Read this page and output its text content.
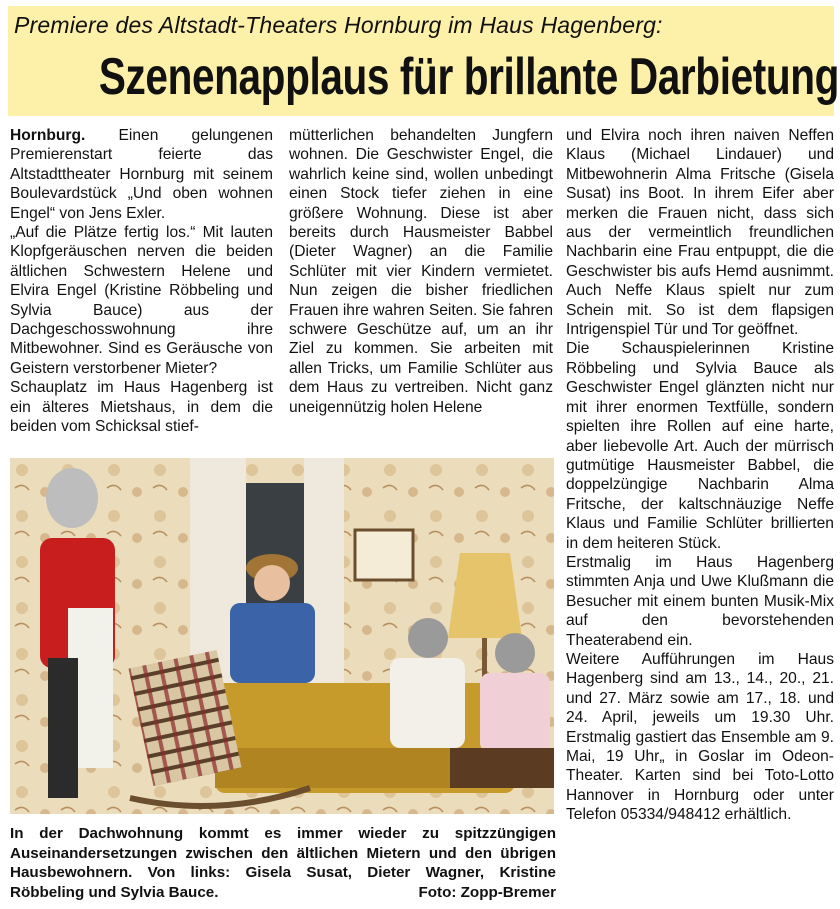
Premiere des Altstadt-Theaters Hornburg im Haus Hagenberg:
Szenenapplaus für brillante Darbietung

Hornburg. Einen gelungenen Premierenstart feierte das Altstadttheater Hornburg mit seinem Boulevardstück „Und oben wohnen Engel“ von Jens Exler.

„Auf die Plätze fertig los.“ Mit lauten Klopfgeräuschen nerven die beiden ältlichen Schwestern Helene und Elvira Engel (Kristine Röbbeling und Sylvia Bauce) aus der Dachgeschosswohnung ihre Mitbewohner. Sind es Geräusche von Geistern verstorbener Mieter?

Schauplatz im Haus Hagenberg ist ein älteres Mietshaus, in dem die beiden vom Schicksal stief-

mütterlichen behandelten Jungfern wohnen. Die Geschwister Engel, die wahrlich keine sind, wollen unbedingt einen Stock tiefer ziehen in eine größere Wohnung. Diese ist aber bereits durch Hausmeister Babbel (Dieter Wagner) an die Familie Schlüter mit vier Kindern vermietet. Nun zeigen die bisher friedlichen Frauen ihre wahren Seiten. Sie fahren schwere Geschütze auf, um an ihr Ziel zu kommen. Sie arbeiten mit allen Tricks, um Familie Schlüter aus dem Haus zu vertreiben. Nicht ganz uneigennützig holen Helene

und Elvira noch ihren naiven Neffen Klaus (Michael Lindauer) und Mitbewohnerin Alma Fritsche (Gisela Susat) ins Boot. In ihrem Eifer aber merken die Frauen nicht, dass sich aus der vermeintlich freundlichen Nachbarin eine Frau entpuppt, die die Geschwister bis aufs Hemd ausnimmt. Auch Neffe Klaus spielt nur zum Schein mit. So ist dem flapsigen Intrigenspiel Tür und Tor geöffnet.

Die Schauspielerinnen Kristine Röbbeling und Sylvia Bauce als Geschwister Engel glänzten nicht nur mit ihrer enormen Textfülle, sondern spielten ihre Rollen auf eine harte, aber liebevolle Art. Auch der mürrisch gutmütige Hausmeister Babbel, die doppelzüngige Nachbarin Alma Fritsche, der kaltschnäuzige Neffe Klaus und Familie Schlüter brillierten in dem heiteren Stück.

Erstmalig im Haus Hagenberg stimmten Anja und Uwe Klußmann die Besucher mit einem bunten Musik-Mix auf den bevorstehenden Theaterabend ein.

Weitere Aufführungen im Haus Hagenberg sind am 13., 14., 20., 21. und 27. März sowie am 17., 18. und 24. April, jeweils um 19.30 Uhr. Erstmalig gastiert das Ensemble am 9. Mai, 19 Uhr„ in Goslar im Odeon-Theater. Karten sind bei Toto-Lotto Hannover in Hornburg oder unter Telefon 05334/948412 erhältlich.

In der Dachwohnung kommt es immer wieder zu spitzzüngigen Auseinandersetzungen zwischen den ältlichen Mietern und den übrigen Hausbewohnern. Von links: Gisela Susat, Dieter Wagner, Kristine Röbbeling und Sylvia Bauce.	Foto: Zopp-Bremer
